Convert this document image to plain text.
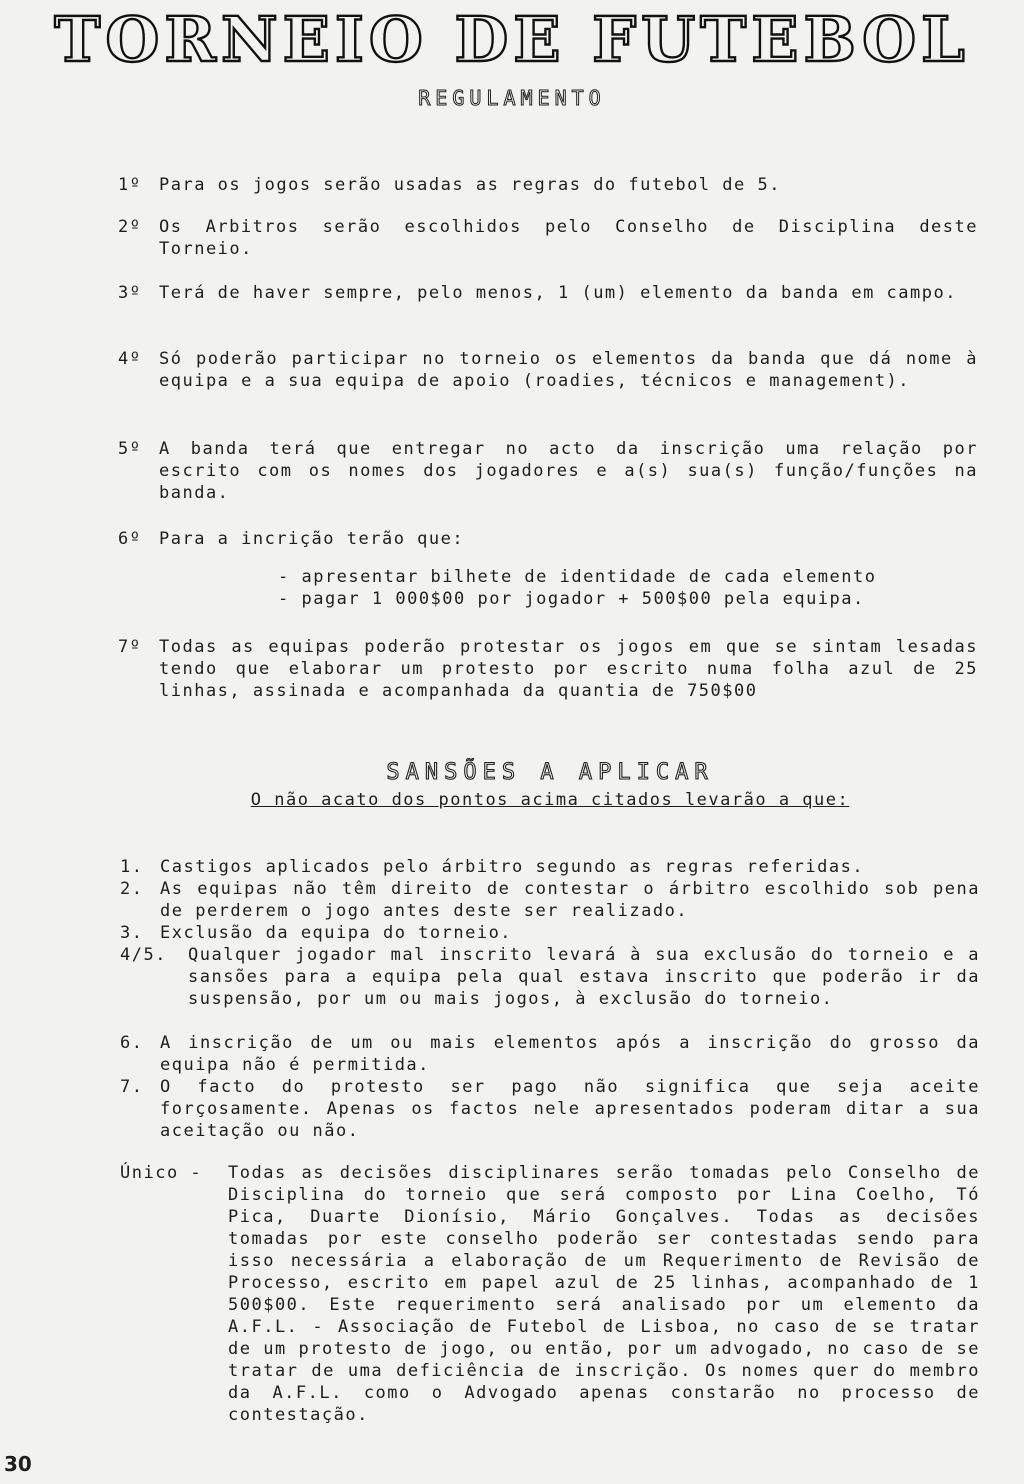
TORNEIO DE FUTEBOL
REGULAMENTO
1º	Para os jogos serão usadas as regras do futebol de 5.
2º	Os Arbitros serão escolhidos pelo Conselho de Disciplina deste Torneio.
3º	Terá de haver sempre, pelo menos, 1 (um) elemento da banda em campo.
4º	Só poderão participar no torneio os elementos da banda que dá nome à equipa e a sua equipa de apoio (roadies, técnicos e management).
5º	A banda terá que entregar no acto da inscrição uma relação por escrito com os nomes dos jogadores e a(s) sua(s) função/funções na banda.
6º	Para a incrição terão que:
- apresentar bilhete de identidade de cada elemento
- pagar 1 000$00 por jogador + 500$00 pela equipa.
7º	Todas as equipas poderão protestar os jogos em que se sintam lesadas tendo que elaborar um protesto por escrito numa folha azul de 25 linhas, assinada e acompanhada da quantia de 750$00
SANSÕES A APLICAR
O não acato dos pontos acima citados levarão a que:
1. Castigos aplicados pelo árbitro segundo as regras referidas.
2. As equipas não têm direito de contestar o árbitro escolhido sob pena de perderem o jogo antes deste ser realizado.
3. Exclusão da equipa do torneio.
4/5. Qualquer jogador mal inscrito levará à sua exclusão do torneio e a sansões para a equipa pela qual estava inscrito que poderão ir da suspensão, por um ou mais jogos, à exclusão do torneio.
6. A inscrição de um ou mais elementos após a inscrição do grosso da equipa não é permitida.
7. O facto do protesto ser pago não significa que seja aceite forçosamente. Apenas os factos nele apresentados poderam ditar a sua aceitação ou não.
Único - Todas as decisões disciplinares serão tomadas pelo Conselho de Disciplina do torneio que será composto por Lina Coelho, Tó Pica, Duarte Dionísio, Mário Gonçalves. Todas as decisões tomadas por este conselho poderão ser contestadas sendo para isso necessária a elaboração de um Requerimento de Revisão de Processo, escrito em papel azul de 25 linhas, acompanhado de 1 500$00. Este requerimento será analisado por um elemento da A.F.L. - Associação de Futebol de Lisboa, no caso de se tratar de um protesto de jogo, ou então, por um advogado, no caso de se tratar de uma deficiência de inscrição. Os nomes quer do membro da A.F.L. como o Advogado apenas constarão no processo de contestação.
30
